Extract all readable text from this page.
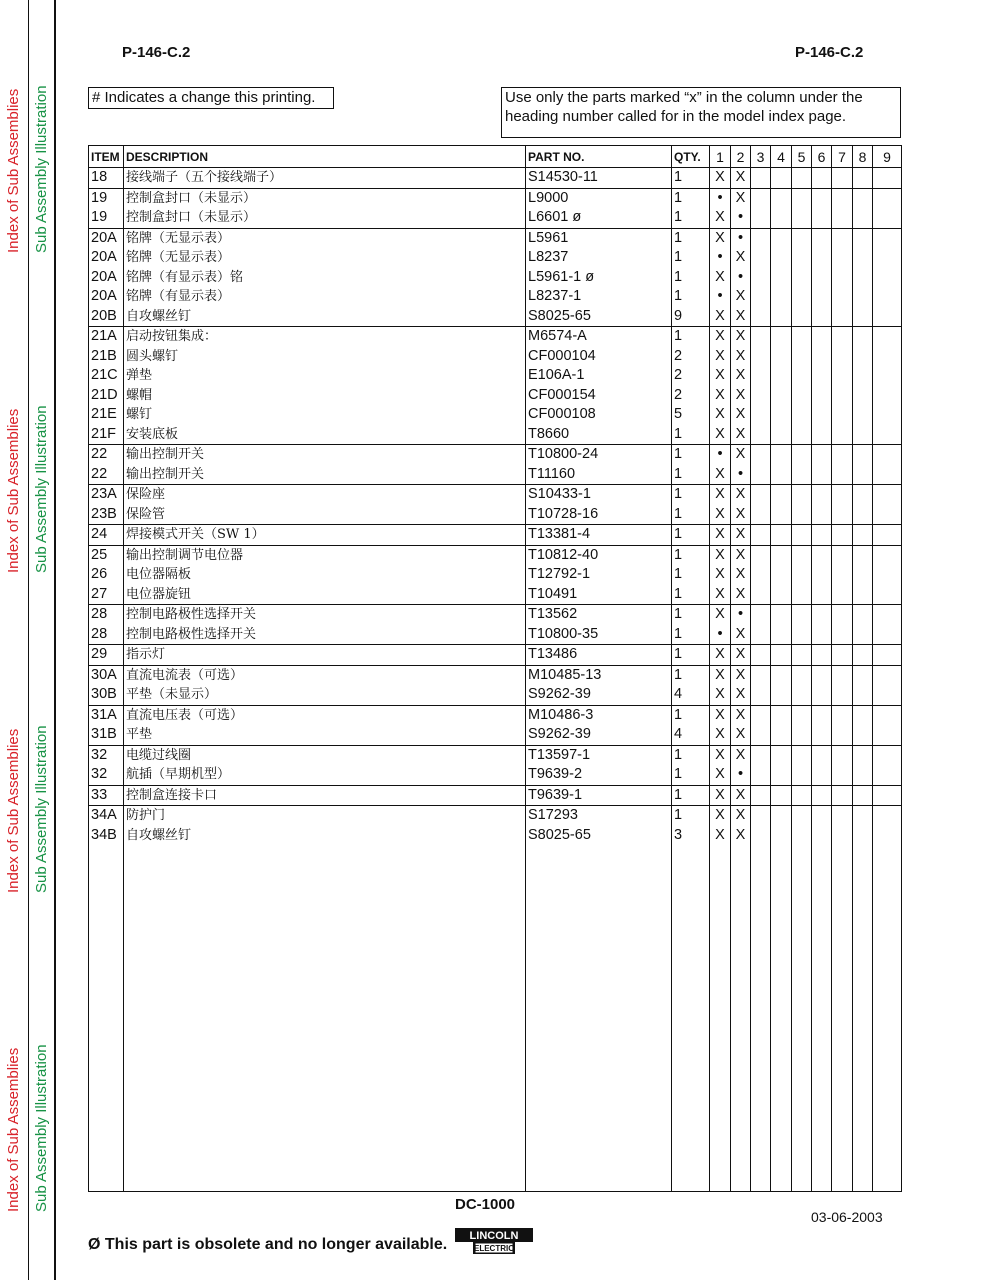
Index of Sub Assemblies Sub Assembly Illustration
Index of Sub Assemblies Sub Assembly Illustration
Index of Sub Assemblies Sub Assembly Illustration
Index of Sub Assemblies Sub Assembly Illustration
P-146-C.2	P-146-C.2
# Indicates a change this printing.	Use only the parts marked “x” in the column under the
heading number called for in the model index page.
ITEM	DESCRIPTION	PART NO.	QTY.	1	2	3	4	5	6	7	8	9
18	接线端子（五个接线端子）	S14530-11	1	X	X							
19	控制盒封口（未显示）	L9000	1	•	X							
19	控制盒封口（未显示）	L6601 ø	1	X	•							
20A	铭牌（无显示表）	L5961	1	X	•							
20A	铭牌（无显示表）	L8237	1	•	X							
20A	铭牌（有显示表）铭	L5961-1 ø	1	X	•							
20A	铭牌（有显示表）	L8237-1	1	•	X							
20B	自攻螺丝钉	S8025-65	9	X	X							
21A	启动按钮集成：	M6574-A	1	X	X							
21B	圆头螺钉	CF000104	2	X	X							
21C	弹垫	E106A-1	2	X	X							
21D	螺帽	CF000154	2	X	X							
21E	螺钉	CF000108	5	X	X							
21F	安装底板	T8660	1	X	X							
22	输出控制开关	T10800-24	1	•	X							
22	输出控制开关	T11160	1	X	•							
23A	保险座	S10433-1	1	X	X							
23B	保险管	T10728-16	1	X	X							
24	焊接模式开关（SW 1）	T13381-4	1	X	X							
25	输出控制调节电位器	T10812-40	1	X	X							
26	电位器隔板	T12792-1	1	X	X							
27	电位器旋钮	T10491	1	X	X							
28	控制电路极性选择开关	T13562	1	X	•							
28	控制电路极性选择开关	T10800-35	1	•	X							
29	指示灯	T13486	1	X	X							
30A	直流电流表（可选）	M10485-13	1	X	X							
30B	平垫（未显示）	S9262-39	4	X	X							
31A	直流电压表（可选）	M10486-3	1	X	X							
31B	平垫	S9262-39	4	X	X							
32	电缆过线圈	T13597-1	1	X	X							
32	航插（早期机型）	T9639-2	1	X	•							
33	控制盒连接卡口	T9639-1	1	X	X							
34A	防护门	S17293	1	X	X							
34B	自攻螺丝钉	S8025-65	3	X	X							

DC-1000
03-06-2003
Ø This part is obsolete and no longer available. LINCOLN
ELECTRIC
